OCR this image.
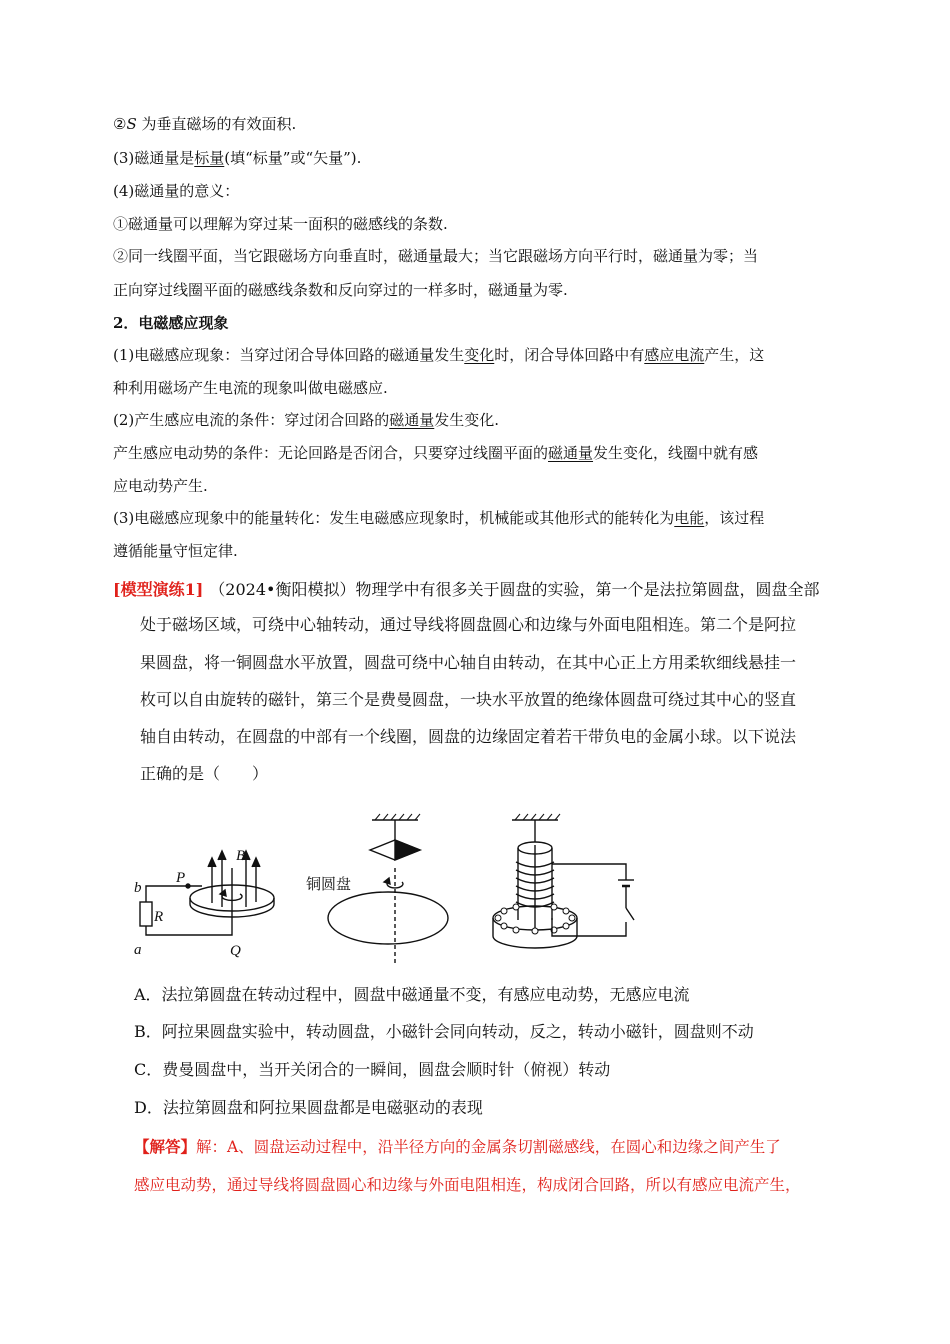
②S 为垂直磁场的有效面积.
(3)磁通量是标量(填“标量”或“矢量”).
(4)磁通量的意义：
①磁通量可以理解为穿过某一面积的磁感线的条数.
②同一线圈平面，当它跟磁场方向垂直时，磁通量最大；当它跟磁场方向平行时，磁通量为零；当
正向穿过线圈平面的磁感线条数和反向穿过的一样多时，磁通量为零.
2．电磁感应现象
(1)电磁感应现象：当穿过闭合导体回路的磁通量发生变化时，闭合导体回路中有感应电流产生，这
种利用磁场产生电流的现象叫做电磁感应.
(2)产生感应电流的条件：穿过闭合回路的磁通量发生变化.
产生感应电动势的条件：无论回路是否闭合，只要穿过线圈平面的磁通量发生变化，线圈中就有感
应电动势产生.
(3)电磁感应现象中的能量转化：发生电磁感应现象时，机械能或其他形式的能转化为电能，该过程
遵循能量守恒定律.
[模型演练1] （2024•衡阳模拟）物理学中有很多关于圆盘的实验，第一个是法拉第圆盘，圆盘全部
处于磁场区域，可绕中心轴转动，通过导线将圆盘圆心和边缘与外面电阻相连。第二个是阿拉
果圆盘，将一铜圆盘水平放置，圆盘可绕中心轴自由转动，在其中心正上方用柔软细线悬挂一
枚可以自由旋转的磁针，第三个是费曼圆盘，一块水平放置的绝缘体圆盘可绕过其中心的竖直
轴自由转动，在圆盘的中部有一个线圈，圆盘的边缘固定着若干带负电的金属小球。以下说法
正确的是（　　）
b
a
R
P
Q
B
铜圆盘
A．法拉第圆盘在转动过程中，圆盘中磁通量不变，有感应电动势，无感应电流
B．阿拉果圆盘实验中，转动圆盘，小磁针会同向转动，反之，转动小磁针，圆盘则不动
C．费曼圆盘中，当开关闭合的一瞬间，圆盘会顺时针（俯视）转动
D．法拉第圆盘和阿拉果圆盘都是电磁驱动的表现
【解答】解：A、圆盘运动过程中，沿半径方向的金属条切割磁感线，在圆心和边缘之间产生了
感应电动势，通过导线将圆盘圆心和边缘与外面电阻相连，构成闭合回路，所以有感应电流产生，
